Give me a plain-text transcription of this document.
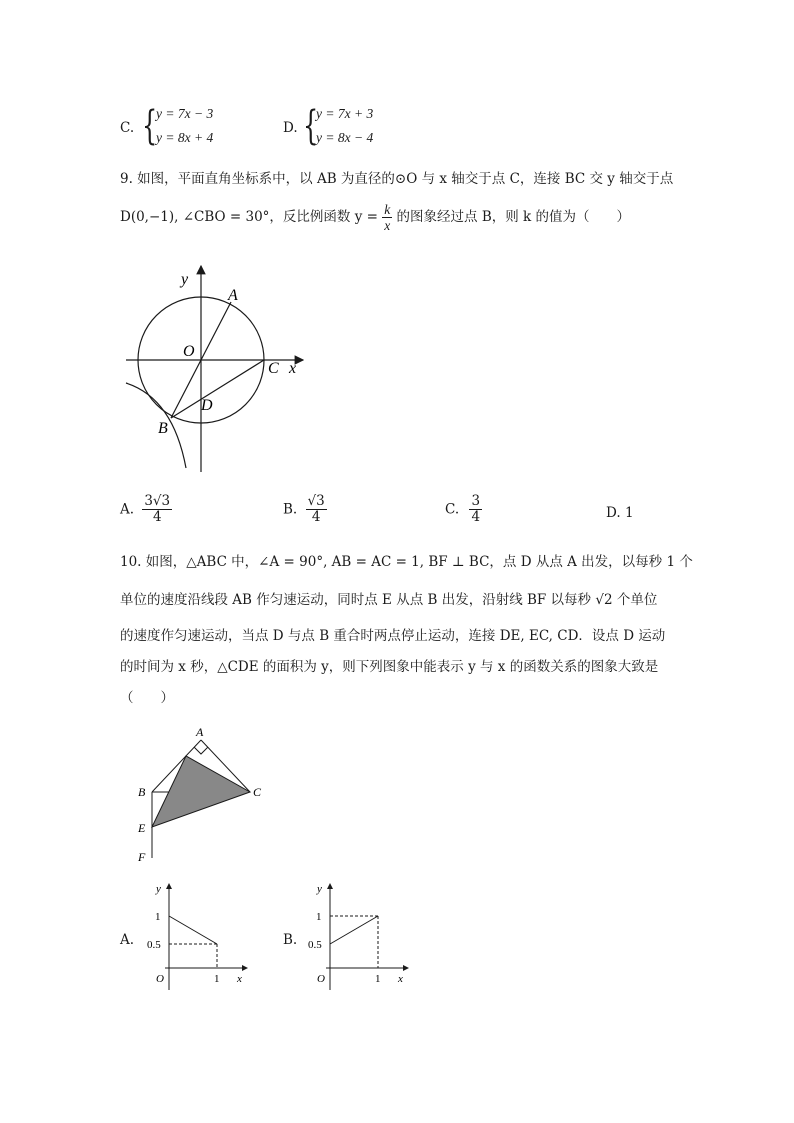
C. {
y = 7x − 3
y = 8x + 4
D. {
y = 7x + 3
y = 8x − 4
9. 如图，平面直角坐标系中，以 AB 为直径的⊙O 与 x 轴交于点 C，连接 BC 交 y 轴交于点
D(0,−1), ∠CBO = 30°，反比例函数 $y = \frac{k}{x}$ 的图象经过点 B，则 k 的值为（　　）
y
A
O
C x
D
B
A. $\frac{3√3}{4}$	B. $\frac{√3}{4}$	C. $\frac{3}{4}$	D. 1
10. 如图，△ABC 中，∠A = 90°, AB = AC = 1, BF ⊥ BC，点 D 从点 A 出发，以每秒 1 个
单位的速度沿线段 AB 作匀速运动，同时点 E 从点 B 出发，沿射线 BF 以每秒 √2 个单位
的速度作匀速运动，当点 D 与点 B 重合时两点停止运动，连接 DE, EC, CD．设点 D 运动
的时间为 x 秒，△CDE 的面积为 y，则下列图象中能表示 y 与 x 的函数关系的图象大致是
（　　）
A
B	C
E
F
A.
y
1
0.5
O	1 x
B.
y
1
0.5
O	1 x
